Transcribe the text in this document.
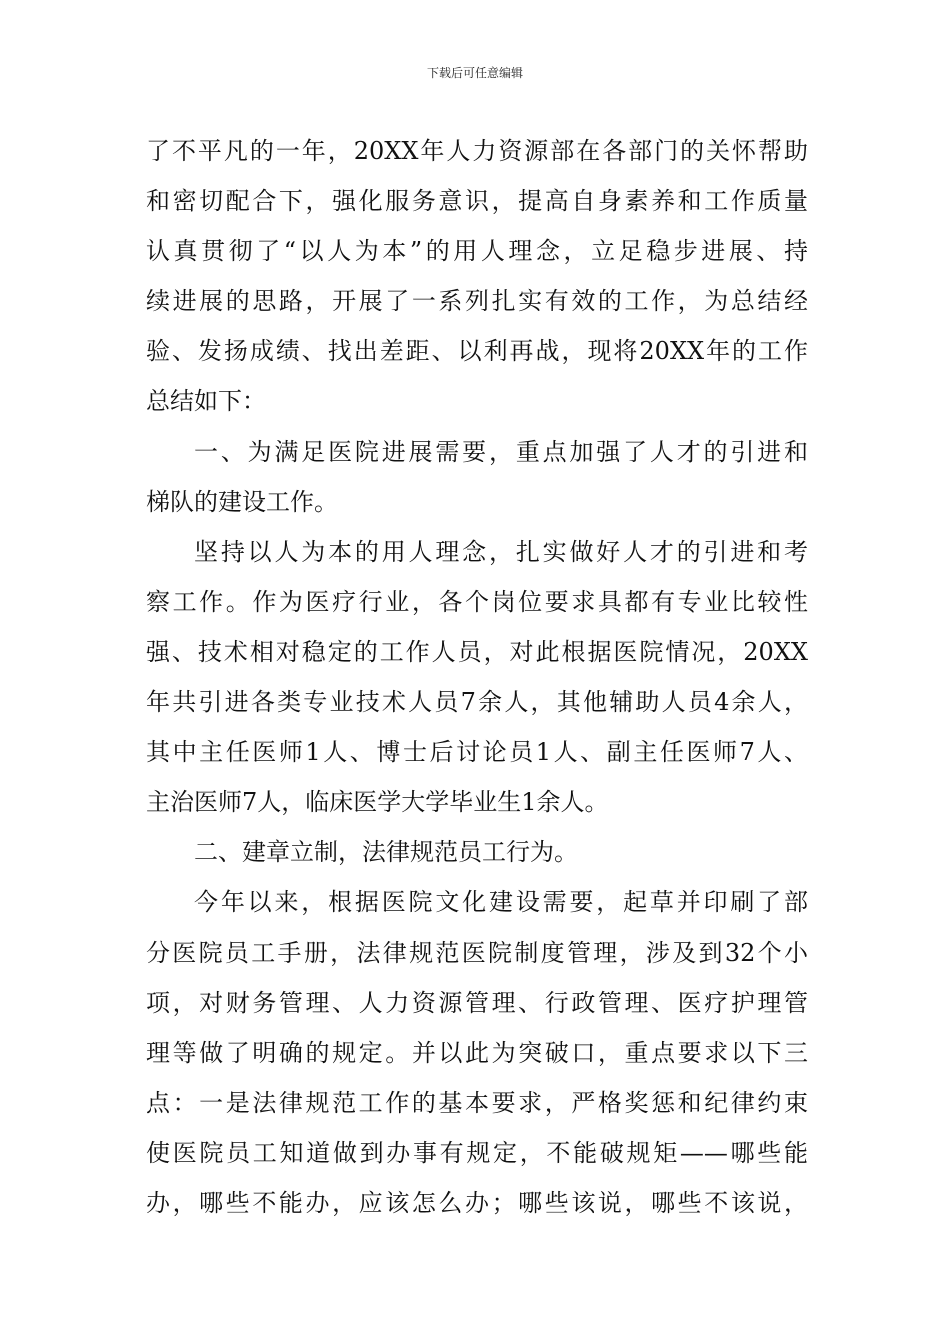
下载后可任意编辑
了不平凡的一年，20XX年人力资源部在各部门的关怀帮助
和密切配合下，强化服务意识，提高自身素养和工作质量
认真贯彻了“以人为本”的用人理念，立足稳步进展、持
续进展的思路，开展了一系列扎实有效的工作，为总结经
验、发扬成绩、找出差距、以利再战，现将20XX年的工作
总结如下：
一、为满足医院进展需要，重点加强了人才的引进和
梯队的建设工作。
坚持以人为本的用人理念，扎实做好人才的引进和考
察工作。作为医疗行业，各个岗位要求具都有专业比较性
强、技术相对稳定的工作人员，对此根据医院情况，20XX
年共引进各类专业技术人员7余人，其他辅助人员4余人，
其中主任医师1人、博士后讨论员1人、副主任医师7人、
主治医师7人，临床医学大学毕业生1余人。
二、建章立制，法律规范员工行为。
今年以来，根据医院文化建设需要，起草并印刷了部
分医院员工手册，法律规范医院制度管理，涉及到32个小
项，对财务管理、人力资源管理、行政管理、医疗护理管
理等做了明确的规定。并以此为突破口，重点要求以下三
点：一是法律规范工作的基本要求，严格奖惩和纪律约束
使医院员工知道做到办事有规定，不能破规矩——哪些能
办，哪些不能办，应该怎么办；哪些该说，哪些不该说，
